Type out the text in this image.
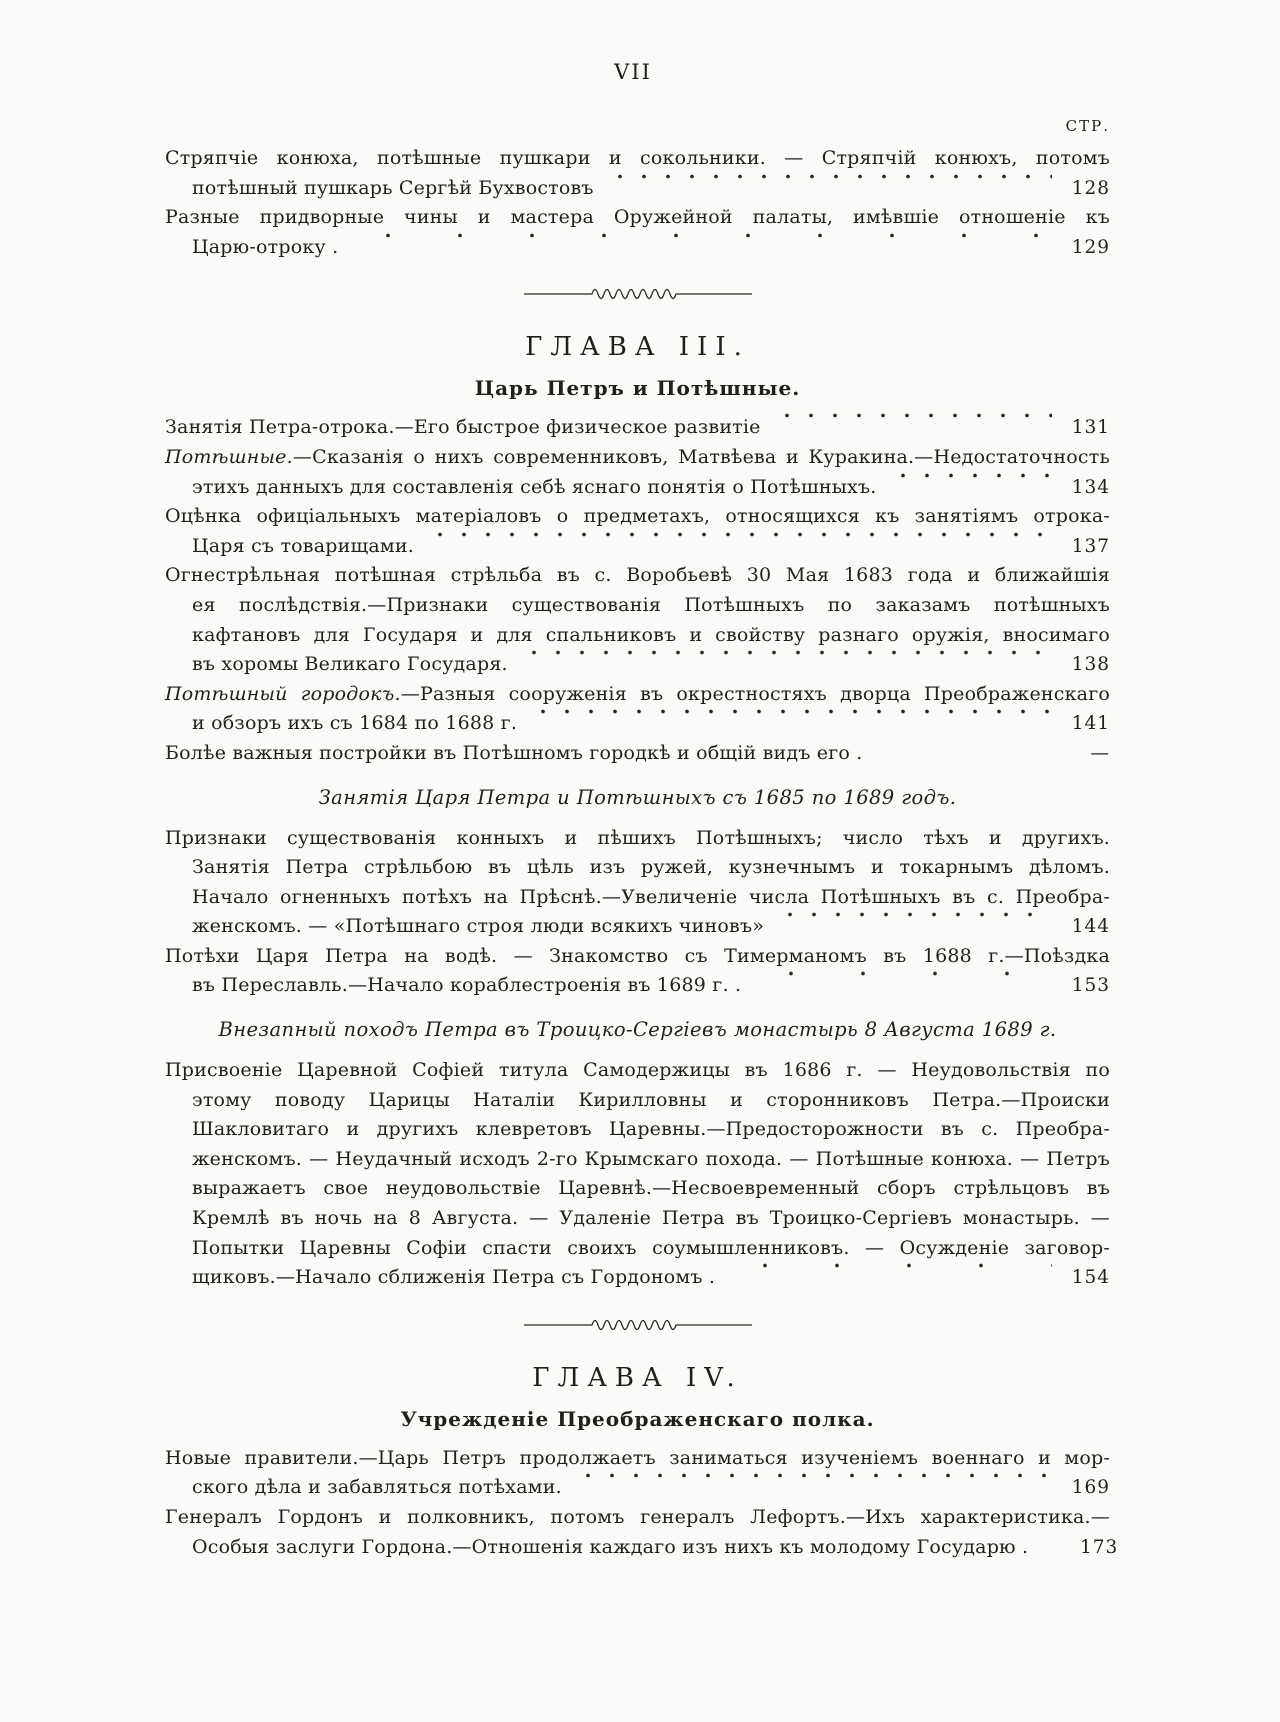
VII
СТР.
Стряпчіе конюха, потѣшные пушкари и сокольники. — Стряпчій конюхъ, потомъ
потѣшный пушкарь Сергѣй Бухвостовъ	128
Разные придворные чины и мастера Оружейной палаты, имѣвшіе отношеніе къ
Царю-отроку .	129
ГЛАВА III.
Царь Петръ и Потѣшные.
Занятія Петра-отрока.—Его быстрое физическое развитіе	131
Потѣшные.—Сказанія о нихъ современниковъ, Матвѣева и Куракина.—Недостаточность
этихъ данныхъ для составленія себѣ яснаго понятія о Потѣшныхъ.	134
Оцѣнка офиціальныхъ матеріаловъ о предметахъ, относящихся къ занятіямъ отрока-
Царя съ товарищами.	137
Огнестрѣльная потѣшная стрѣльба въ с. Воробьевѣ 30 Мая 1683 года и ближайшія
ея послѣдствія.—Признаки существованія Потѣшныхъ по заказамъ потѣшныхъ
кафтановъ для Государя и для спальниковъ и свойству разнаго оружія, вносимаго
въ хоромы Великаго Государя.	138
Потѣшный городокъ.—Разныя сооруженія въ окрестностяхъ дворца Преображенскаго
и обзоръ ихъ съ 1684 по 1688 г.	141
Болѣе важныя постройки въ Потѣшномъ городкѣ и общій видъ его .	—
Занятія Царя Петра и Потѣшныхъ съ 1685 по 1689 годъ.
Признаки существованія конныхъ и пѣшихъ Потѣшныхъ; число тѣхъ и другихъ.
Занятія Петра стрѣльбою въ цѣль изъ ружей, кузнечнымъ и токарнымъ дѣломъ.
Начало огненныхъ потѣхъ на Прѣснѣ.—Увеличеніе числа Потѣшныхъ въ с. Преобра-
женскомъ. — «Потѣшнаго строя люди всякихъ чиновъ»	144
Потѣхи Царя Петра на водѣ. — Знакомство съ Тимерманомъ въ 1688 г.—Поѣздка
въ Переславль.—Начало кораблестроенія въ 1689 г. .	153
Внезапный походъ Петра въ Троицко-Сергіевъ монастырь 8 Августа 1689 г.
Присвоеніе Царевной Софіей титула Самодержицы въ 1686 г. — Неудовольствія по
этому поводу Царицы Наталіи Кирилловны и сторонниковъ Петра.—Происки
Шакловитаго и другихъ клевретовъ Царевны.—Предосторожности въ с. Преобра-
женскомъ. — Неудачный исходъ 2-го Крымскаго похода. — Потѣшные конюха. — Петръ
выражаетъ свое неудовольствіе Царевнѣ.—Несвоевременный сборъ стрѣльцовъ въ
Кремлѣ въ ночь на 8 Августа. — Удаленіе Петра въ Троицко-Сергіевъ монастырь. —
Попытки Царевны Софіи спасти своихъ соумышленниковъ. — Осужденіе заговор-
щиковъ.—Начало сближенія Петра съ Гордономъ .	154
ГЛАВА IV.
Учрежденіе Преображенскаго полка.
Новые правители.—Царь Петръ продолжаетъ заниматься изученіемъ военнаго и мор-
ского дѣла и забавляться потѣхами.	169
Генералъ Гордонъ и полковникъ, потомъ генералъ Лефортъ.—Ихъ характеристика.—
Особыя заслуги Гордона.—Отношенія каждаго изъ нихъ къ молодому Государю .	173
